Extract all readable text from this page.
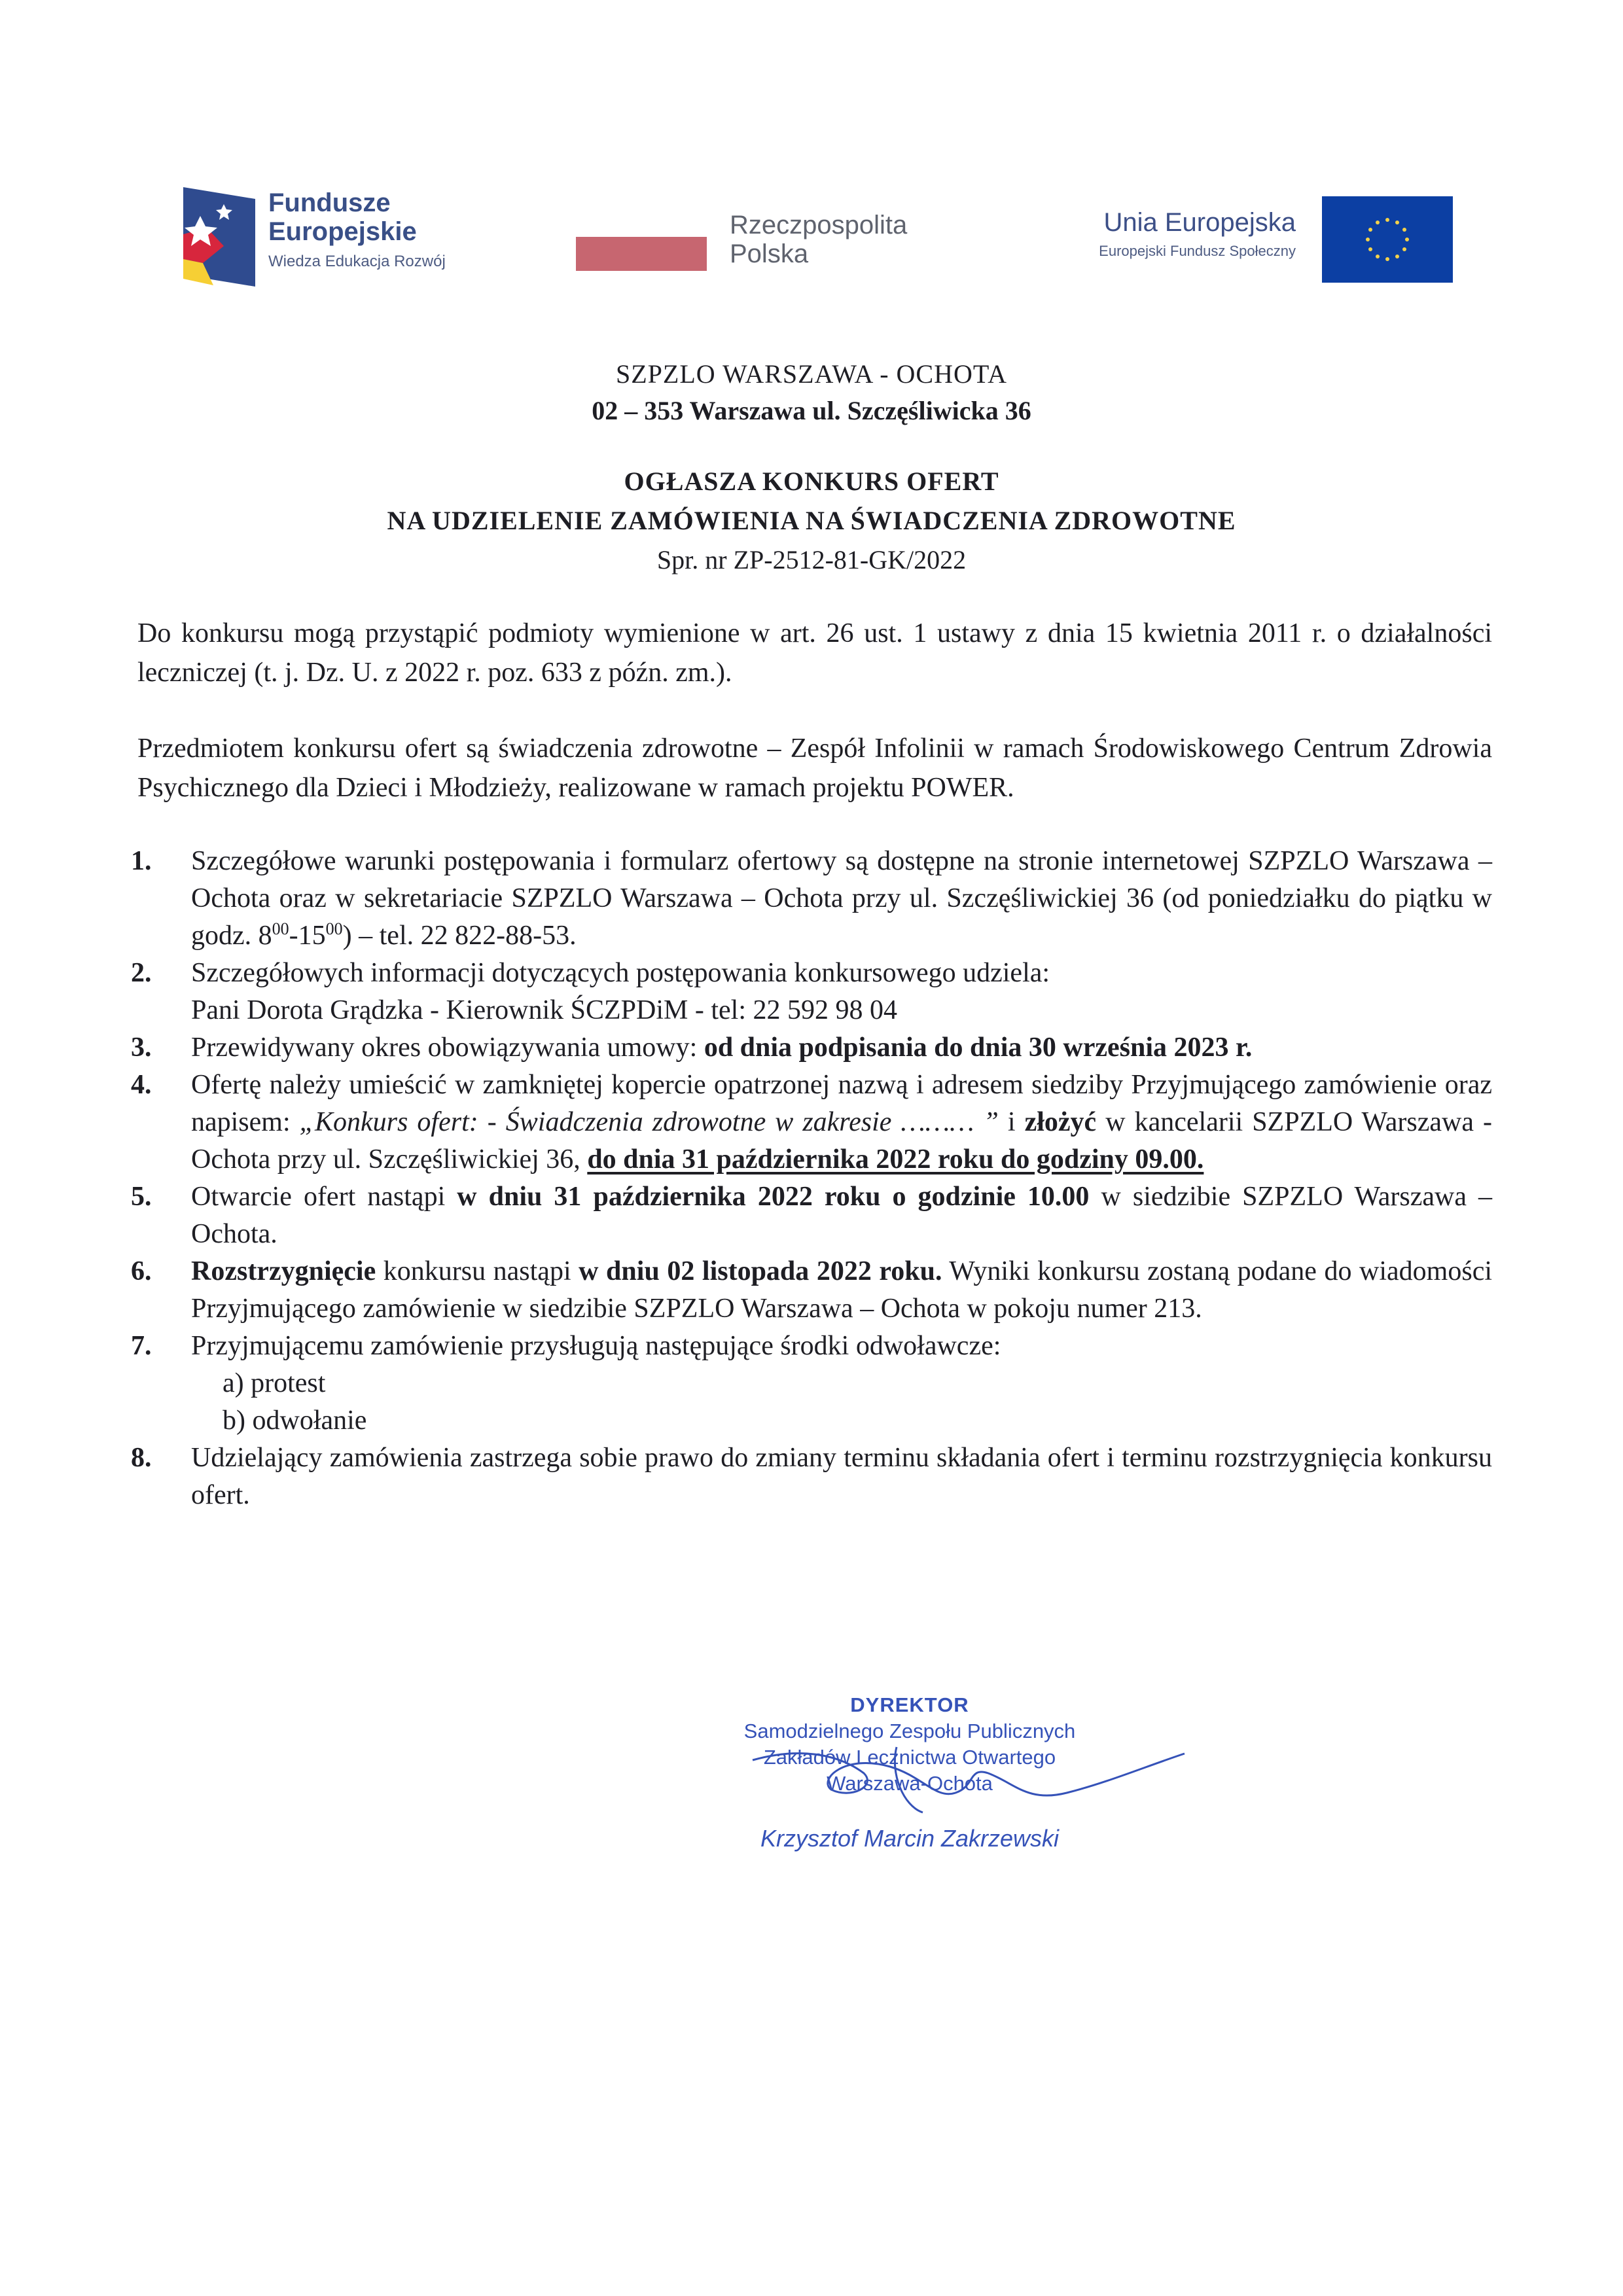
Fundusze
Europejskie
Wiedza Edukacja Rozwój
Rzeczpospolita
Polska
Unia Europejska
Europejski Fundusz Społeczny
SZPZLO WARSZAWA - OCHOTA
02 – 353 Warszawa ul. Szczęśliwicka 36
OGŁASZA KONKURS OFERT
NA UDZIELENIE ZAMÓWIENIA NA ŚWIADCZENIA ZDROWOTNE
Spr. nr ZP-2512-81-GK/2022

Do konkursu mogą przystąpić podmioty wymienione w art. 26 ust. 1 ustawy z dnia 15 kwietnia 2011 r. o działalności leczniczej (t. j. Dz. U. z 2022 r. poz. 633 z późn. zm.).

Przedmiotem konkursu ofert są świadczenia zdrowotne – Zespół Infolinii w ramach Środowiskowego Centrum Zdrowia Psychicznego dla Dzieci i Młodzieży, realizowane w ramach projektu POWER.

1. Szczegółowe warunki postępowania i formularz ofertowy są dostępne na stronie internetowej SZPZLO Warszawa – Ochota oraz w sekretariacie SZPZLO Warszawa – Ochota przy ul. Szczęśliwickiej 36 (od poniedziałku do piątku w godz. $8^{00}-15^{00}$) – tel. 22 822-88-53.
2. Szczegółowych informacji dotyczących postępowania konkursowego udziela:
Pani Dorota Grądzka - Kierownik ŚCZPDiM - tel: 22 592 98 04
3. Przewidywany okres obowiązywania umowy: od dnia podpisania do dnia 30 września 2023 r.
4. Ofertę należy umieścić w zamkniętej kopercie opatrzonej nazwą i adresem siedziby Przyjmującego zamówienie oraz napisem: „Konkurs ofert: - Świadczenia zdrowotne w zakresie ……… ” i złożyć w kancelarii SZPZLO Warszawa - Ochota przy ul. Szczęśliwickiej 36, do dnia 31 października 2022 roku do godziny 09.00.
5. Otwarcie ofert nastąpi w dniu 31 października 2022 roku o godzinie 10.00 w siedzibie SZPZLO Warszawa – Ochota.
6. Rozstrzygnięcie konkursu nastąpi w dniu 02 listopada 2022 roku. Wyniki konkursu zostaną podane do wiadomości Przyjmującego zamówienie w siedzibie SZPZLO Warszawa – Ochota w pokoju numer 213.
7. Przyjmującemu zamówienie przysługują następujące środki odwoławcze:
a) protest
b) odwołanie
8. Udzielający zamówienia zastrzega sobie prawo do zmiany terminu składania ofert i terminu rozstrzygnięcia konkursu ofert.
DYREKTOR
Samodzielnego Zespołu Publicznych
Zakładów Lecznictwa Otwartego
Warszawa-Ochota
Krzysztof Marcin Zakrzewski
